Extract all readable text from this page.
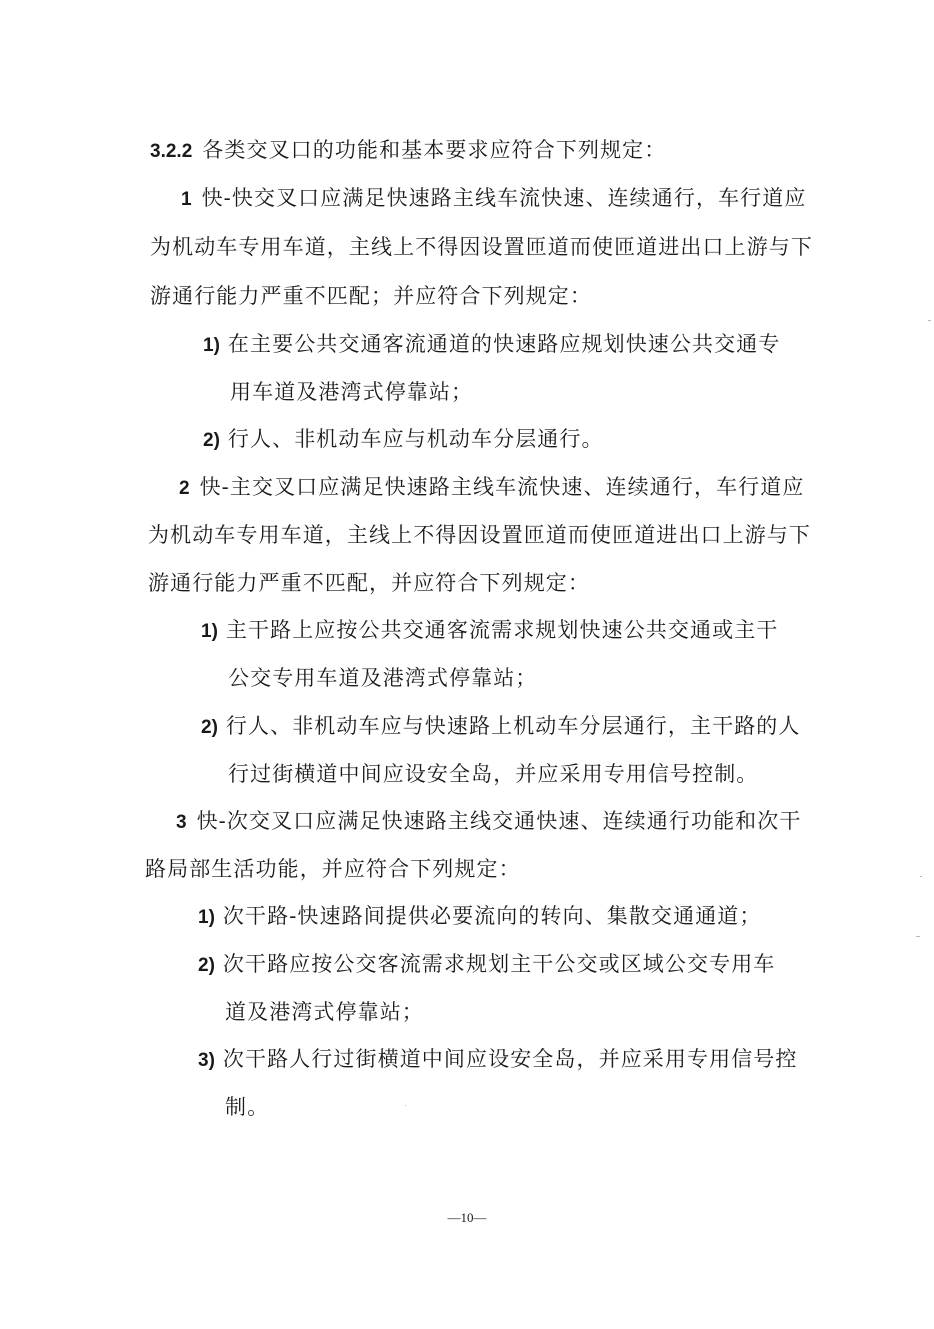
3.2.2 各类交叉口的功能和基本要求应符合下列规定：
1 快-快交叉口应满足快速路主线车流快速、连续通行，车行道应
为机动车专用车道，主线上不得因设置匝道而使匝道进出口上游与下
游通行能力严重不匹配；并应符合下列规定：
1) 在主要公共交通客流通道的快速路应规划快速公共交通专
用车道及港湾式停靠站；
2) 行人、非机动车应与机动车分层通行。
2 快-主交叉口应满足快速路主线车流快速、连续通行，车行道应
为机动车专用车道，主线上不得因设置匝道而使匝道进出口上游与下
游通行能力严重不匹配，并应符合下列规定：
1) 主干路上应按公共交通客流需求规划快速公共交通或主干
公交专用车道及港湾式停靠站；
2) 行人、非机动车应与快速路上机动车分层通行，主干路的人
行过街横道中间应设安全岛，并应采用专用信号控制。
3 快-次交叉口应满足快速路主线交通快速、连续通行功能和次干
路局部生活功能，并应符合下列规定：
1) 次干路-快速路间提供必要流向的转向、集散交通通道；
2) 次干路应按公交客流需求规划主干公交或区域公交专用车
道及港湾式停靠站；
3) 次干路人行过街横道中间应设安全岛，并应采用专用信号控
制。
—10—
